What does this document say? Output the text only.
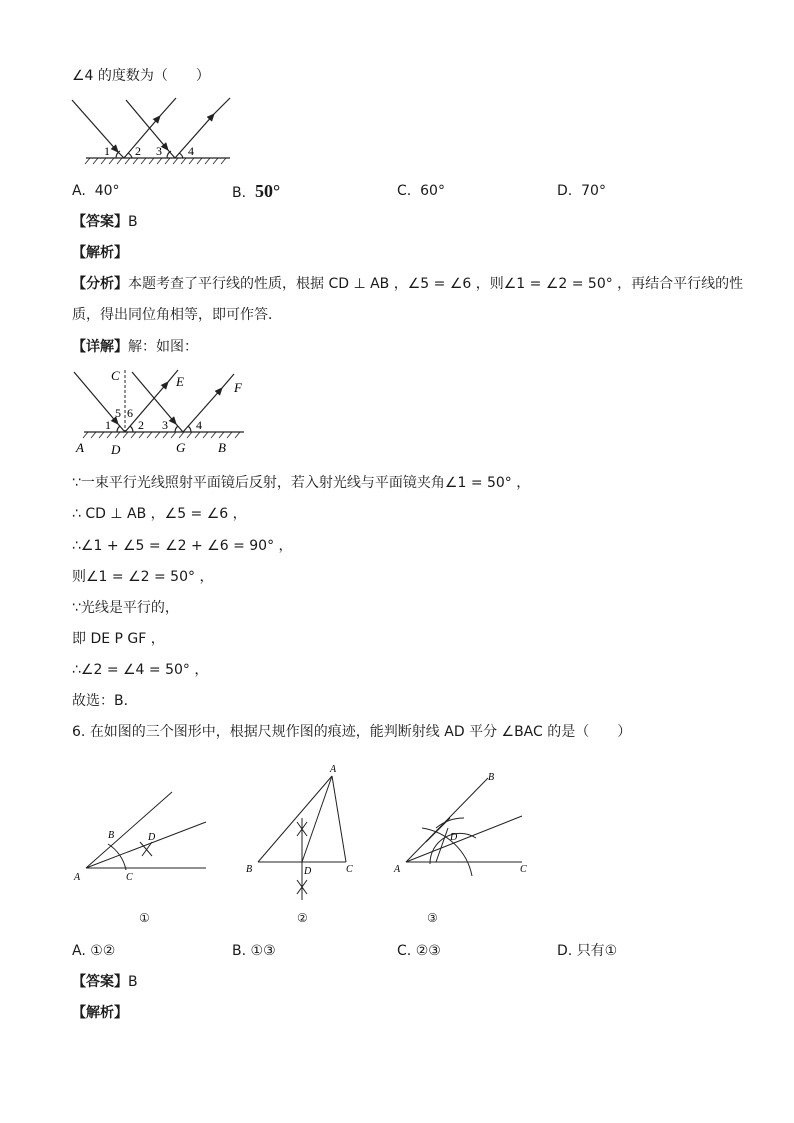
∠4 的度数为（　　）
1 2 3 4
A. 40°	B. 50°	C. 60°	D. 70°
【答案】B
【解析】
【分析】本题考查了平行线的性质，根据 CD ⊥ AB ，∠5 = ∠6 ，则∠1 = ∠2 = 50° ，再结合平行线的性
质，得出同位角相等，即可作答．
【详解】解：如图：
C	E	F
A D	G	B
1
5 6
2 3 4
∵一束平行光线照射平面镜后反射，若入射光线与平面镜夹角∠1 = 50° ，
∴ CD ⊥ AB ，∠5 = ∠6 ，
∴∠1 + ∠5 = ∠2 + ∠6 = 90° ，
则∠1 = ∠2 = 50° ，
∵光线是平行的，
即 DE P GF ，
∴∠2 = ∠4 = 50° ，
故选：B．
6. 在如图的三个图形中，根据尺规作图的痕迹，能判断射线 AD 平分 ∠BAC 的是（　　）
A
B	D
C
①
A
B	D	C
②
A
B
D
C
③
A. ①②	B. ①③	C. ②③	D. 只有①
【答案】B
【解析】
